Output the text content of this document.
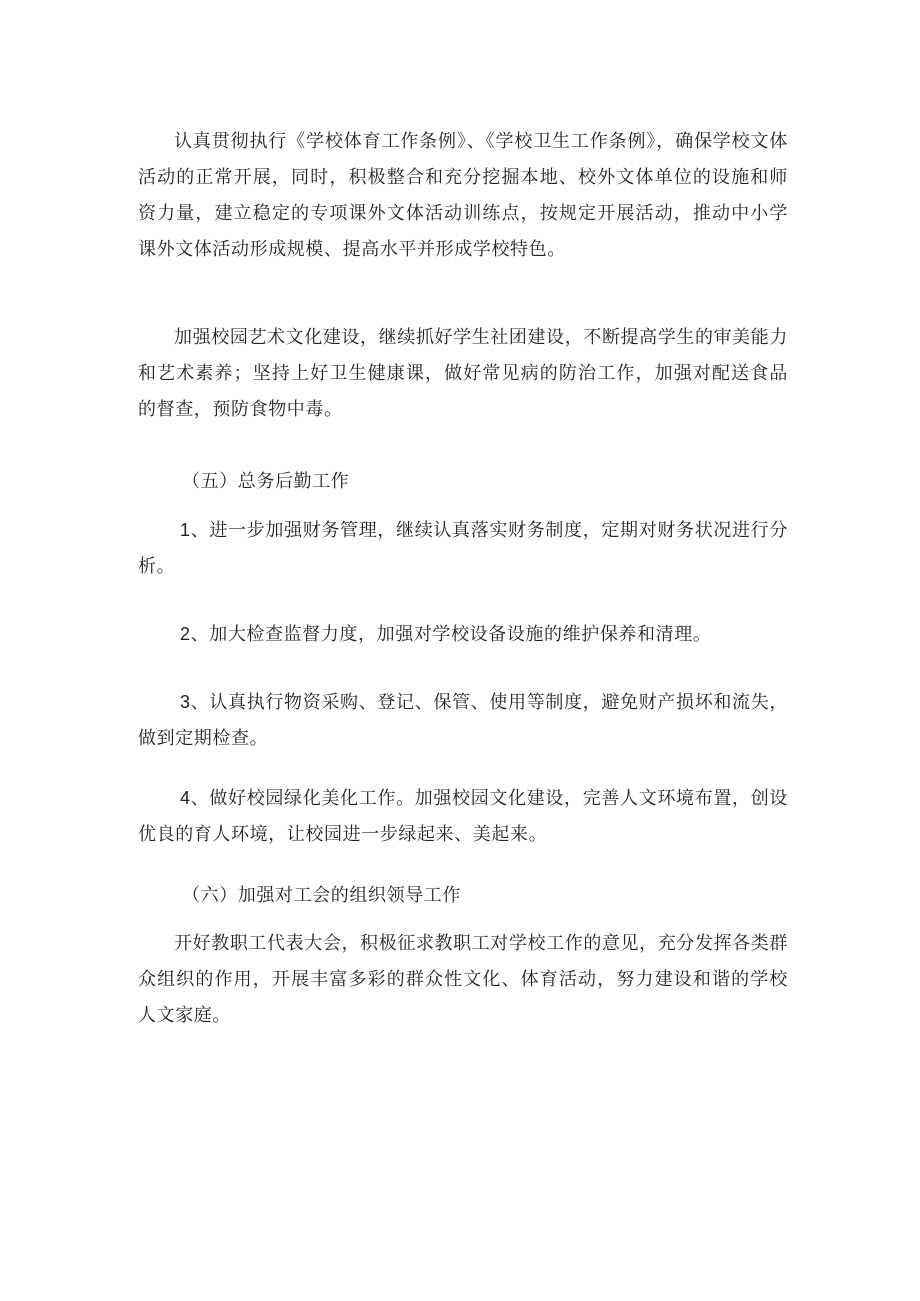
认真贯彻执行《学校体育工作条例》、《学校卫生工作条例》，确保学校文体活动的正常开展，同时，积极整合和充分挖掘本地、校外文体单位的设施和师资力量，建立稳定的专项课外文体活动训练点，按规定开展活动，推动中小学课外文体活动形成规模、提高水平并形成学校特色。

加强校园艺术文化建设，继续抓好学生社团建设，不断提高学生的审美能力和艺术素养；坚持上好卫生健康课，做好常见病的防治工作，加强对配送食品的督查，预防食物中毒。

（五）总务后勤工作

1、进一步加强财务管理，继续认真落实财务制度，定期对财务状况进行分析。

2、加大检查监督力度，加强对学校设备设施的维护保养和清理。

3、认真执行物资采购、登记、保管、使用等制度，避免财产损坏和流失，做到定期检查。

4、做好校园绿化美化工作。加强校园文化建设，完善人文环境布置，创设优良的育人环境，让校园进一步绿起来、美起来。

（六）加强对工会的组织领导工作

开好教职工代表大会，积极征求教职工对学校工作的意见，充分发挥各类群众组织的作用，开展丰富多彩的群众性文化、体育活动，努力建设和谐的学校人文家庭。
